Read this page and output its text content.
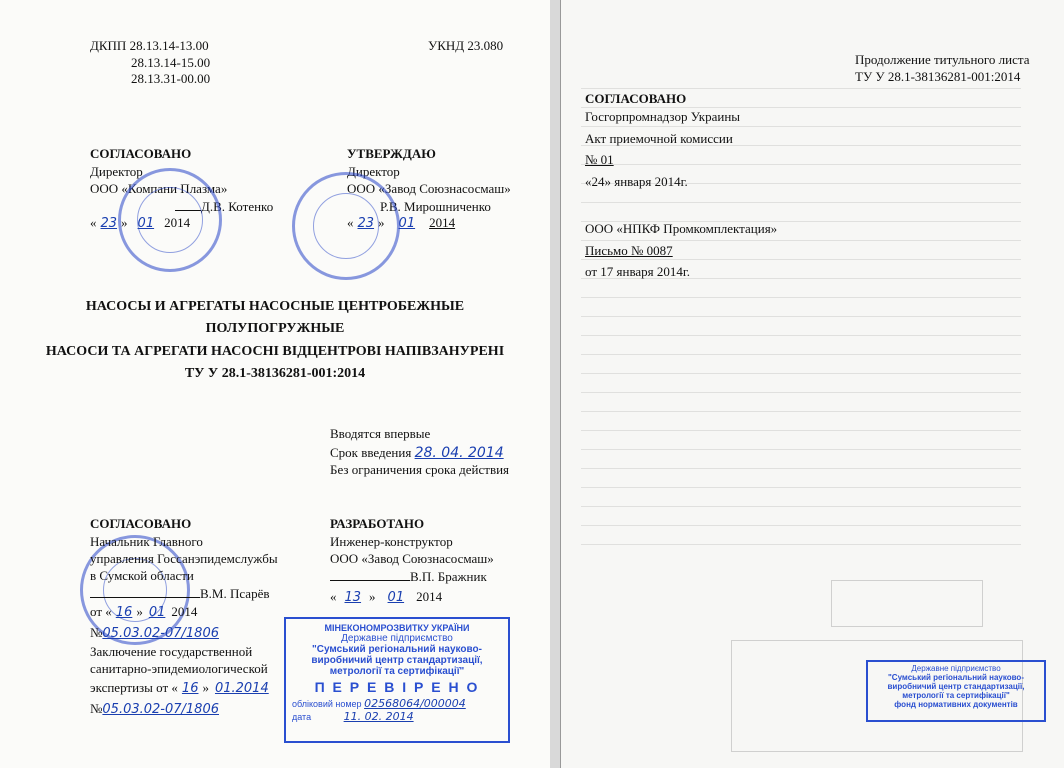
ДКПП 28.13.14-13.00
28.13.14-15.00
28.13.31-00.00
УКНД 23.080
СОГЛАСОВАНО
Директор
ООО «Компани Плазма»
Д.В. Котенко
« 23 » 01 2014
УТВЕРЖДАЮ
Директор
ООО «Завод Союзнасосмаш»
Р.В. Мирошниченко
« 23 » 01 2014
НАСОСЫ И АГРЕГАТЫ НАСОСНЫЕ ЦЕНТРОБЕЖНЫЕ
ПОЛУПОГРУЖНЫЕ
НАСОСИ ТА АГРЕГАТИ НАСОСНІ ВІДЦЕНТРОВІ НАПІВЗАНУРЕНІ
ТУ У 28.1-38136281-001:2014
Вводятся впервые
Срок введения 28. 04. 2014
Без ограничения срока действия
СОГЛАСОВАНО
Начальник Главного
управления Госсанэпидемслужбы
в Сумской области
В.М. Псарёв
от « 16 » 01 2014
№05.03.02-07/1806
Заключение государственной
санитарно-эпидемиологической
экспертизы от « 16 » 01.2014
№05.03.02-07/1806
РАЗРАБОТАНО
Инженер-конструктор
ООО «Завод Союзнасосмаш»
В.П. Бражник
« 13 » 01 2014
МІНЕКОНОМРОЗВИТКУ УКРАЇНИ
Державне підприємство
"Сумський регіональний науково-
виробничий центр стандартизації,
метрології та сертифікації"
П Е Р Е В І Р Е Н О
обліковий номер 02568064/000004
дата	11. 02. 2014
Продолжение титульного листа
ТУ У 28.1-38136281-001:2014
СОГЛАСОВАНО
Госгорпромнадзор Украины
Акт приемочной комиссии
№ 01
«24» января 2014г.
ООО «НПКФ Промкомплектация»
Письмо № 0087
от 17 января 2014г.
Державне підприємство
"Сумський регіональний науково-
виробничий центр стандартизації,
метрології та сертифікації"
фонд нормативних документів
